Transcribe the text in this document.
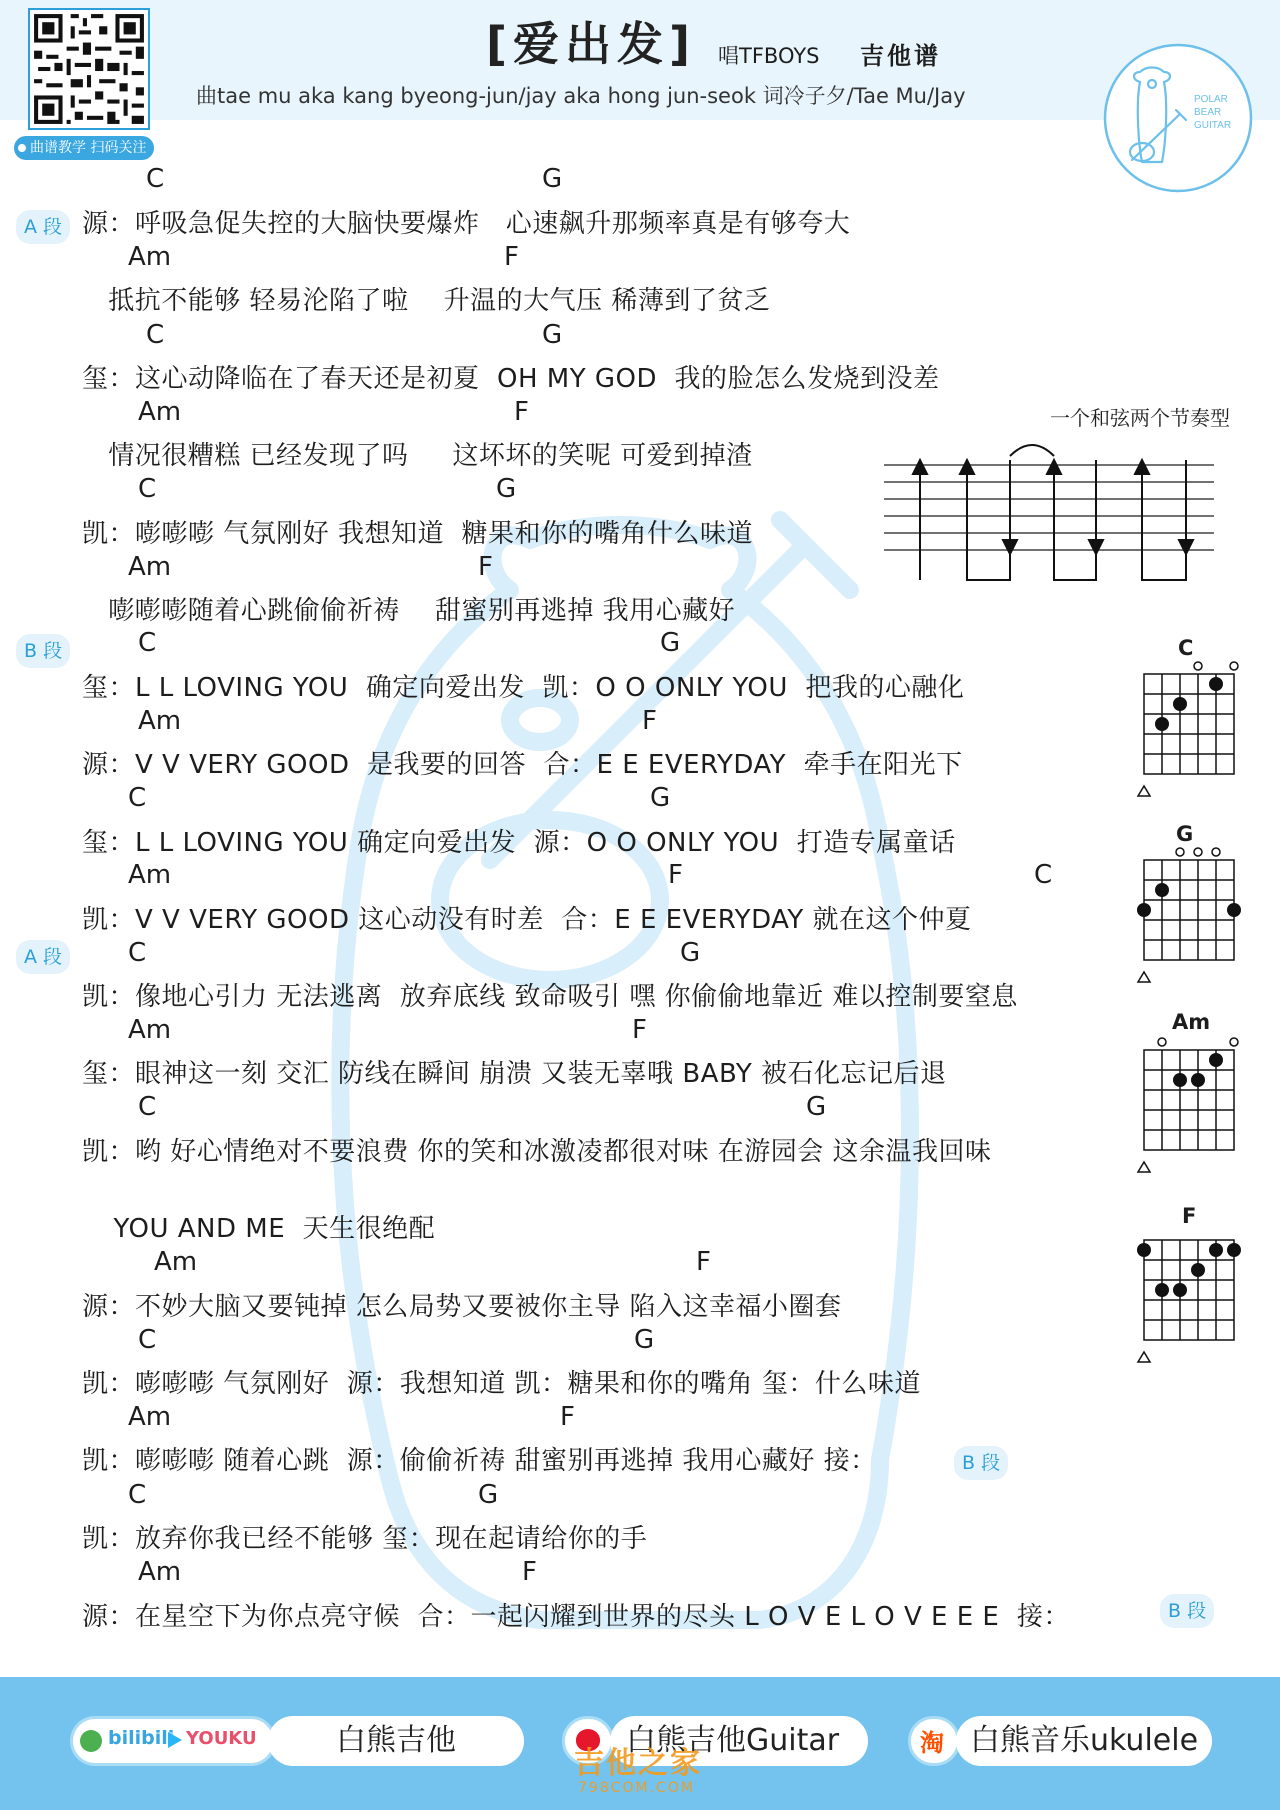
曲谱教学 扫码关注
[爱出发] 唱TFBOYS 吉他谱
曲tae mu aka kang byeong-jun/jay aka hong jun-seok 词冷子夕/Tae Mu/Jay	POLAR
BEAR
GUITAR
A 段
B 段
A 段
B 段
B 段

C

	G

源：呼吸急促失控的大脑快要爆炸   心速飙升那频率真是有够夸大

Am

	F

抵抗不能够 轻易沦陷了啦    升温的大气压 稀薄到了贫乏

C

	G

玺：这心动降临在了春天还是初夏  OH MY GOD  我的脸怎么发烧到没差

Am

	F

情况很糟糕 已经发现了吗     这坏坏的笑呢 可爱到掉渣

C

	G

凯：嘭嘭嘭 气氛刚好 我想知道  糖果和你的嘴角什么味道

Am

	F

嘭嘭嘭随着心跳偷偷祈祷    甜蜜别再逃掉 我用心藏好

C

	G

玺：L L LOVING YOU  确定向爱出发  凯：O O ONLY YOU  把我的心融化

Am

	F

源：V V VERY GOOD  是我要的回答  合：E E EVERYDAY  牵手在阳光下

C

	G

玺：L L LOVING YOU 确定向爱出发  源：O O ONLY YOU  打造专属童话

Am

	F

	C

凯：V V VERY GOOD 这心动没有时差  合：E E EVERYDAY 就在这个仲夏

C

	G

凯：像地心引力 无法逃离  放弃底线 致命吸引 嘿 你偷偷地靠近 难以控制要窒息

Am

	F

玺：眼神这一刻 交汇 防线在瞬间 崩溃 又装无辜哦 BABY 被石化忘记后退

C

	G

凯：哟 好心情绝对不要浪费 你的笑和冰激凌都很对味 在游园会 这余温我回味
YOU AND ME  天生很绝配

Am

	F

源：不妙大脑又要钝掉 怎么局势又要被你主导 陷入这幸福小圈套

C

	G

凯：嘭嘭嘭 气氛刚好  源：我想知道 凯：糖果和你的嘴角 玺：什么味道

Am

	F

凯：嘭嘭嘭 随着心跳  源：偷偷祈祷 甜蜜别再逃掉 我用心藏好 接：

C

	G

凯：放弃你我已经不能够 玺：现在起请给你的手

Am

	F

源：在星空下为你点亮守候  合：一起闪耀到世界的尽头 L O V E L O V E E E  接：
一个和弦两个节奏型
C
G
Am
F
bilibili YOUKU	白熊吉他	白熊吉他Guitar	淘 白熊音乐ukulele
吉他之家
798COM.COM
